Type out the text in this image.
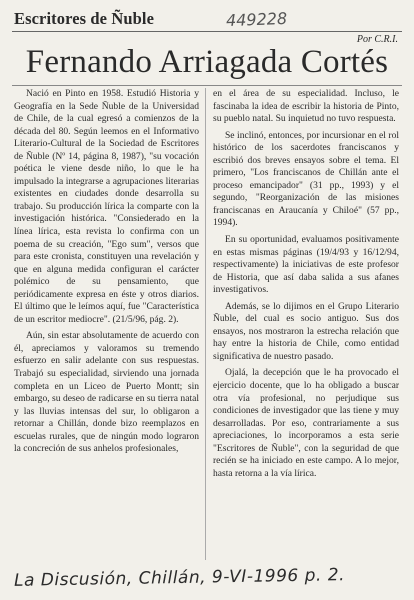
Escritores de Ñuble	449228
Por C.R.I.
Fernando Arriagada Cortés

Nació en Pinto en 1958. Estudió Historia y Geografía en la Sede Ñuble de la Universidad de Chile, de la cual egresó a comienzos de la década del 80. Según leemos en el Informativo Literario-Cultural de la Sociedad de Escritores de Ñuble (Nº 14, página 8, 1987), "su vocación poética le viene desde niño, lo que le ha impulsado la integrarse a agrupaciones literarias existentes en ciudades donde desarrolla su trabajo. Su producción lírica la comparte con la investigación histórica. "Consiederado en la línea lírica, esta revista lo confirma con un poema de su creación, "Ego sum", versos que para este cronista, constituyen una revelación y que en alguna medida configuran el carácter polémico de su pensamiento, que periódicamente expresa en éste y otros diarios. El último que le leímos aquí, fue "Característica de un escritor mediocre". (21/5/96, pág. 2).

Aún, sin estar absolutamente de acuerdo con él, apreciamos y valoramos su tremendo esfuerzo en salir adelante con sus respuestas. Trabajó su especialidad, sirviendo una jornada completa en un Liceo de Puerto Montt; sin embargo, su deseo de radicarse en su tierra natal y las lluvias intensas del sur, lo obligaron a retornar a Chillán, donde bizo reemplazos en escuelas rurales, que de ningún modo lograron la concreción de sus anhelos profesionales,

en el área de su especialidad. Incluso, le fascinaba la idea de escribir la historia de Pinto, su pueblo natal. Su inquietud no tuvo respuesta.

Se inclinó, entonces, por incursionar en el rol histórico de los sacerdotes franciscanos y escribió dos breves ensayos sobre el tema. El primero, "Los franciscanos de Chillán ante el proceso emancipador" (31 pp., 1993) y el segundo, "Reorganización de las misiones franciscanas en Araucanía y Chiloé" (57 pp., 1994).

En su oportunidad, evaluamos positivamente en estas mismas páginas (19/4/93 y 16/12/94, respectivamente) la iniciativas de este profesor de Historia, que así daba salida a sus afanes investigativos.

Además, se lo dijimos en el Grupo Literario Ñuble, del cual es socio antiguo. Sus dos ensayos, nos mostraron la estrecha relación que hay entre la historia de Chile, como entidad significativa de nuestro pasado.

Ojalá, la decepción que le ha provocado el ejercicio docente, que lo ha obligado a buscar otra vía profesional, no perjudique sus condiciones de investigador que las tiene y muy desarrolladas. Por eso, contrariamente a sus apreciaciones, lo incorporamos a esta serie "Escritores de Ñuble", con la seguridad de que recién se ha iniciado en este campo. A lo mejor, hasta retorna a la vía lírica.

La Discusión, Chillán, 9-VI-1996 p. 2.
